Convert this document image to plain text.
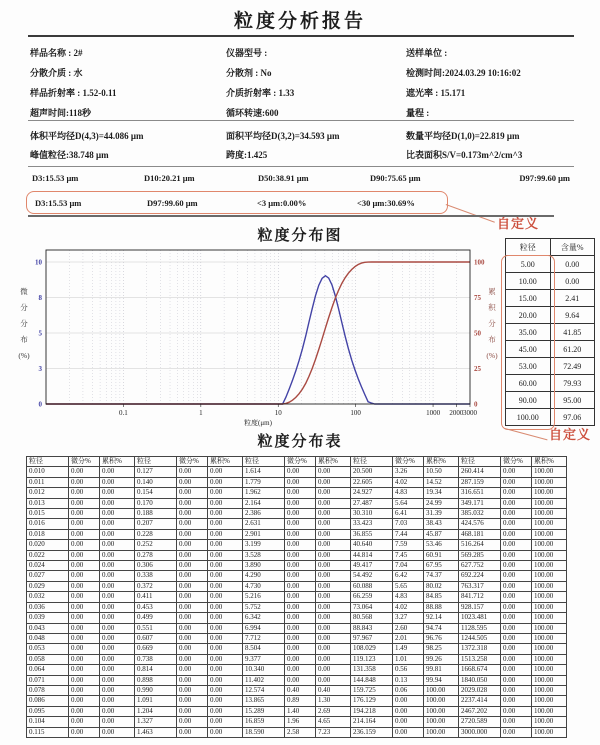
粒度分析报告
样品名称 : 2#	仪器型号 :	送样单位 :
分散介质 : 水	分散剂 : No	检测时间:2024.03.29 10:16:02
样品折射率 : 1.52-0.11	介质折射率 : 1.33	遮光率 : 15.171
超声时间:118秒	循环转速:600	量程 :
体积平均径D(4,3)=44.086 μm	面积平均径D(3,2)=34.593 μm	数量平均径D(1,0)=22.819 μm
峰值粒径:38.748 μm	跨度:1.425	比表面积S/V=0.173m^2/cm^3
D3:15.53 μm	D10:20.21 μm	D50:38.91 μm	D90:75.65 μm	D97:99.60 μm
D3:15.53 μm	D97:99.60 μm	<3 μm:0.00%	<30 μm:30.69%
自定义
粒度分布图
0.1	1	10	100	1000 2000 3000
粒度(μm)
0
3
5
8
10
0
25
50
75
100
微
分
分
布
(%)
累
积
分
布
(%)
粒径	含量%
5.00	0.00
10.00	0.00
15.00	2.41
20.00	9.64
35.00	41.85
45.00	61.20
53.00	72.49
60.00	79.93
90.00	95.00
100.00	97.06
自定义
粒度分布表
粒径	微分%	累积%	粒径	微分%	累积%	粒径	微分%	累积%	粒径	微分%	累积%	粒径	微分%	累积%
0.010	0.00	0.00	0.127	0.00	0.00	1.614	0.00	0.00	20.500	3.26	10.50	260.414	0.00	100.00
0.011	0.00	0.00	0.140	0.00	0.00	1.779	0.00	0.00	22.605	4.02	14.52	287.159	0.00	100.00
0.012	0.00	0.00	0.154	0.00	0.00	1.962	0.00	0.00	24.927	4.83	19.34	316.651	0.00	100.00
0.013	0.00	0.00	0.170	0.00	0.00	2.164	0.00	0.00	27.487	5.64	24.99	349.171	0.00	100.00
0.015	0.00	0.00	0.188	0.00	0.00	2.386	0.00	0.00	30.310	6.41	31.39	385.032	0.00	100.00
0.016	0.00	0.00	0.207	0.00	0.00	2.631	0.00	0.00	33.423	7.03	38.43	424.576	0.00	100.00
0.018	0.00	0.00	0.228	0.00	0.00	2.901	0.00	0.00	36.855	7.44	45.87	468.181	0.00	100.00
0.020	0.00	0.00	0.252	0.00	0.00	3.199	0.00	0.00	40.640	7.59	53.46	516.264	0.00	100.00
0.022	0.00	0.00	0.278	0.00	0.00	3.528	0.00	0.00	44.814	7.45	60.91	569.285	0.00	100.00
0.024	0.00	0.00	0.306	0.00	0.00	3.890	0.00	0.00	49.417	7.04	67.95	627.752	0.00	100.00
0.027	0.00	0.00	0.338	0.00	0.00	4.290	0.00	0.00	54.492	6.42	74.37	692.224	0.00	100.00
0.029	0.00	0.00	0.372	0.00	0.00	4.730	0.00	0.00	60.088	5.65	80.02	763.317	0.00	100.00
0.032	0.00	0.00	0.411	0.00	0.00	5.216	0.00	0.00	66.259	4.83	84.85	841.712	0.00	100.00
0.036	0.00	0.00	0.453	0.00	0.00	5.752	0.00	0.00	73.064	4.02	88.88	928.157	0.00	100.00
0.039	0.00	0.00	0.499	0.00	0.00	6.342	0.00	0.00	80.568	3.27	92.14	1023.481	0.00	100.00
0.043	0.00	0.00	0.551	0.00	0.00	6.994	0.00	0.00	88.843	2.60	94.74	1128.595	0.00	100.00
0.048	0.00	0.00	0.607	0.00	0.00	7.712	0.00	0.00	97.967	2.01	96.76	1244.505	0.00	100.00
0.053	0.00	0.00	0.669	0.00	0.00	8.504	0.00	0.00	108.029	1.49	98.25	1372.318	0.00	100.00
0.058	0.00	0.00	0.738	0.00	0.00	9.377	0.00	0.00	119.123	1.01	99.26	1513.258	0.00	100.00
0.064	0.00	0.00	0.814	0.00	0.00	10.340	0.00	0.00	131.358	0.56	99.81	1668.674	0.00	100.00
0.071	0.00	0.00	0.898	0.00	0.00	11.402	0.00	0.00	144.848	0.13	99.94	1840.050	0.00	100.00
0.078	0.00	0.00	0.990	0.00	0.00	12.574	0.40	0.40	159.725	0.06	100.00	2029.028	0.00	100.00
0.086	0.00	0.00	1.091	0.00	0.00	13.865	0.89	1.30	176.129	0.00	100.00	2237.414	0.00	100.00
0.095	0.00	0.00	1.204	0.00	0.00	15.289	1.40	2.69	194.218	0.00	100.00	2467.202	0.00	100.00
0.104	0.00	0.00	1.327	0.00	0.00	16.859	1.96	4.65	214.164	0.00	100.00	2720.589	0.00	100.00
0.115	0.00	0.00	1.463	0.00	0.00	18.590	2.58	7.23	236.159	0.00	100.00	3000.000	0.00	100.00
